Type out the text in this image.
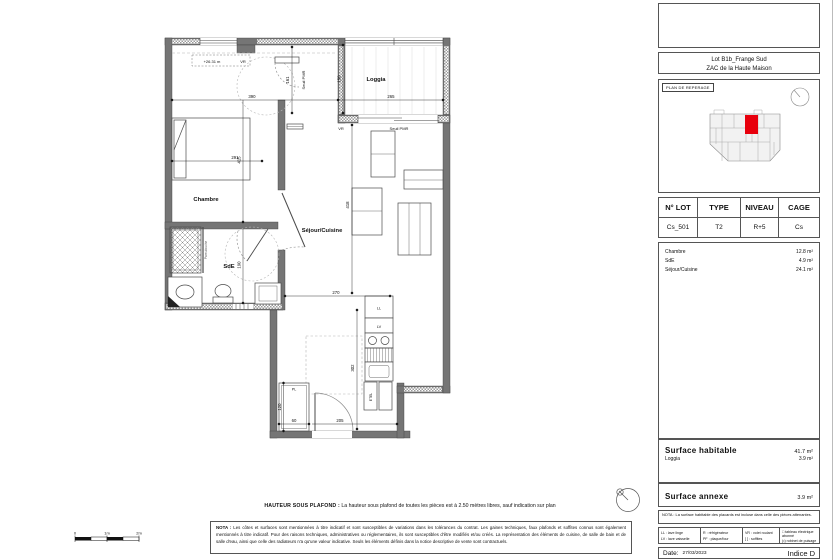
390	265
415
190
291
418
270
302
150
161
60	205
120
+26.31 m	VR
VR	Seuil PMR
Seuil PMR
Pare-douche
LL
LV
PL
ETEL
Chambre
SdE
Séjour/Cuisine
Loggia
0	1m	2m
HAUTEUR SOUS PLAFOND : La hauteur sous plafond de toutes les pièces est à 2.50 mètres libres, sauf indication sur plan
NOTA : Les côtes et surfaces sont mentionnées à titre indicatif et sont susceptibles de variations dans les tolérances du contrat. Les gaines techniques, faux plafonds et soffites connus sont également mentionnés à titre indicatif. Pour des raisons techniques, administratives ou réglementaires, ils sont susceptibles d'être modifiés et/ou créés. La représentation des éléments de cuisine, de salle de bain et de salle d'eau, ainsi que celle des radiateurs n'a qu'une valeur indicative. Seuls les éléments définis dans la notice descriptive de vente sont contractuels.
Lot B1b_Frange Sud
ZAC de la Haute Maison
PLAN DE REPERAGE
N° LOT	TYPE	NIVEAU	CAGE
Cs_501	T2	R+5	Cs
Chambre	12.8 m²
SdE	4.9 m²
Séjour/Cuisine	24.1 m²
Surface habitable	41.7 m²
Loggia	3.9 m²
Surface annexe	3.9 m²
NOTA : La surface habitable des placards est incluse dans celle des pièces attenantes.
LL : lave linge
LV : lave vaisselle
R : réfrigérateur
PF : plaque/four
VR : volet roulant
[ ] : soffites
□ tableau électrique abonné
(•) robinet de puisage
Date: 27/03/2023	Indice D
